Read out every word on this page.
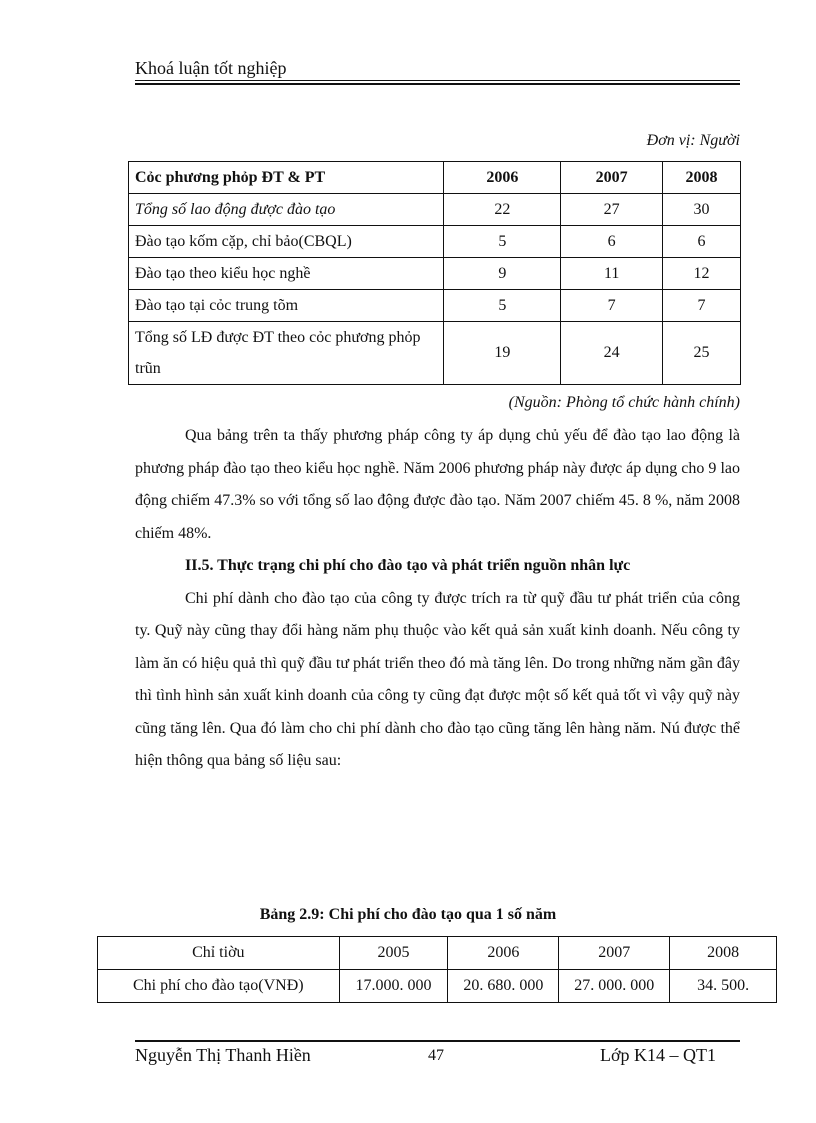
Khoá luận tốt nghiệp
Đơn vị: Người
Cỏc phương phỏp ĐT & PT	2006	2007	2008
Tổng số lao động được đào tạo	22	27	30
Đào tạo kốm cặp, chỉ bảo(CBQL)	5	6	6
Đào tạo theo kiểu học nghề	9	11	12
Đào tạo tại cỏc trung tõm	5	7	7
Tổng số LĐ được ĐT theo cỏc phương phỏp trũn	19	24	25
(Nguồn: Phòng tổ chức hành chính)

Qua bảng trên ta thấy phương pháp công ty áp dụng chủ yếu để đào tạo lao động là phương pháp đào tạo theo kiểu học nghề. Năm 2006 phương pháp này được áp dụng cho 9 lao động chiếm 47.3% so với tổng số lao động được đào tạo. Năm 2007 chiếm 45. 8 %, năm 2008 chiếm 48%.

II.5. Thực trạng chi phí cho đào tạo và phát triển nguồn nhân lực

Chi phí dành cho đào tạo của công ty được trích ra từ quỹ đầu tư phát triển của công ty. Quỹ này cũng thay đổi hàng năm phụ thuộc vào kết quả sản xuất kinh doanh. Nếu công ty làm ăn có hiệu quả thì quỹ đầu tư phát triển theo đó mà tăng lên. Do trong những năm gần đây thì tình hình sản xuất kinh doanh của công ty cũng đạt được một số kết quả tốt vì vậy quỹ này cũng tăng lên. Qua đó làm cho chi phí dành cho đào tạo cũng tăng lên hàng năm. Nú được thể hiện thông qua bảng số liệu sau:

Bảng 2.9: Chi phí cho đào tạo qua 1 số năm
Chỉ tiờu	2005	2006	2007	2008
Chi phí cho đào tạo(VNĐ)	17.000. 000	20. 680. 000	27. 000. 000	34. 500.
Nguyễn Thị Thanh Hiền	47	Lớp K14 – QT1
